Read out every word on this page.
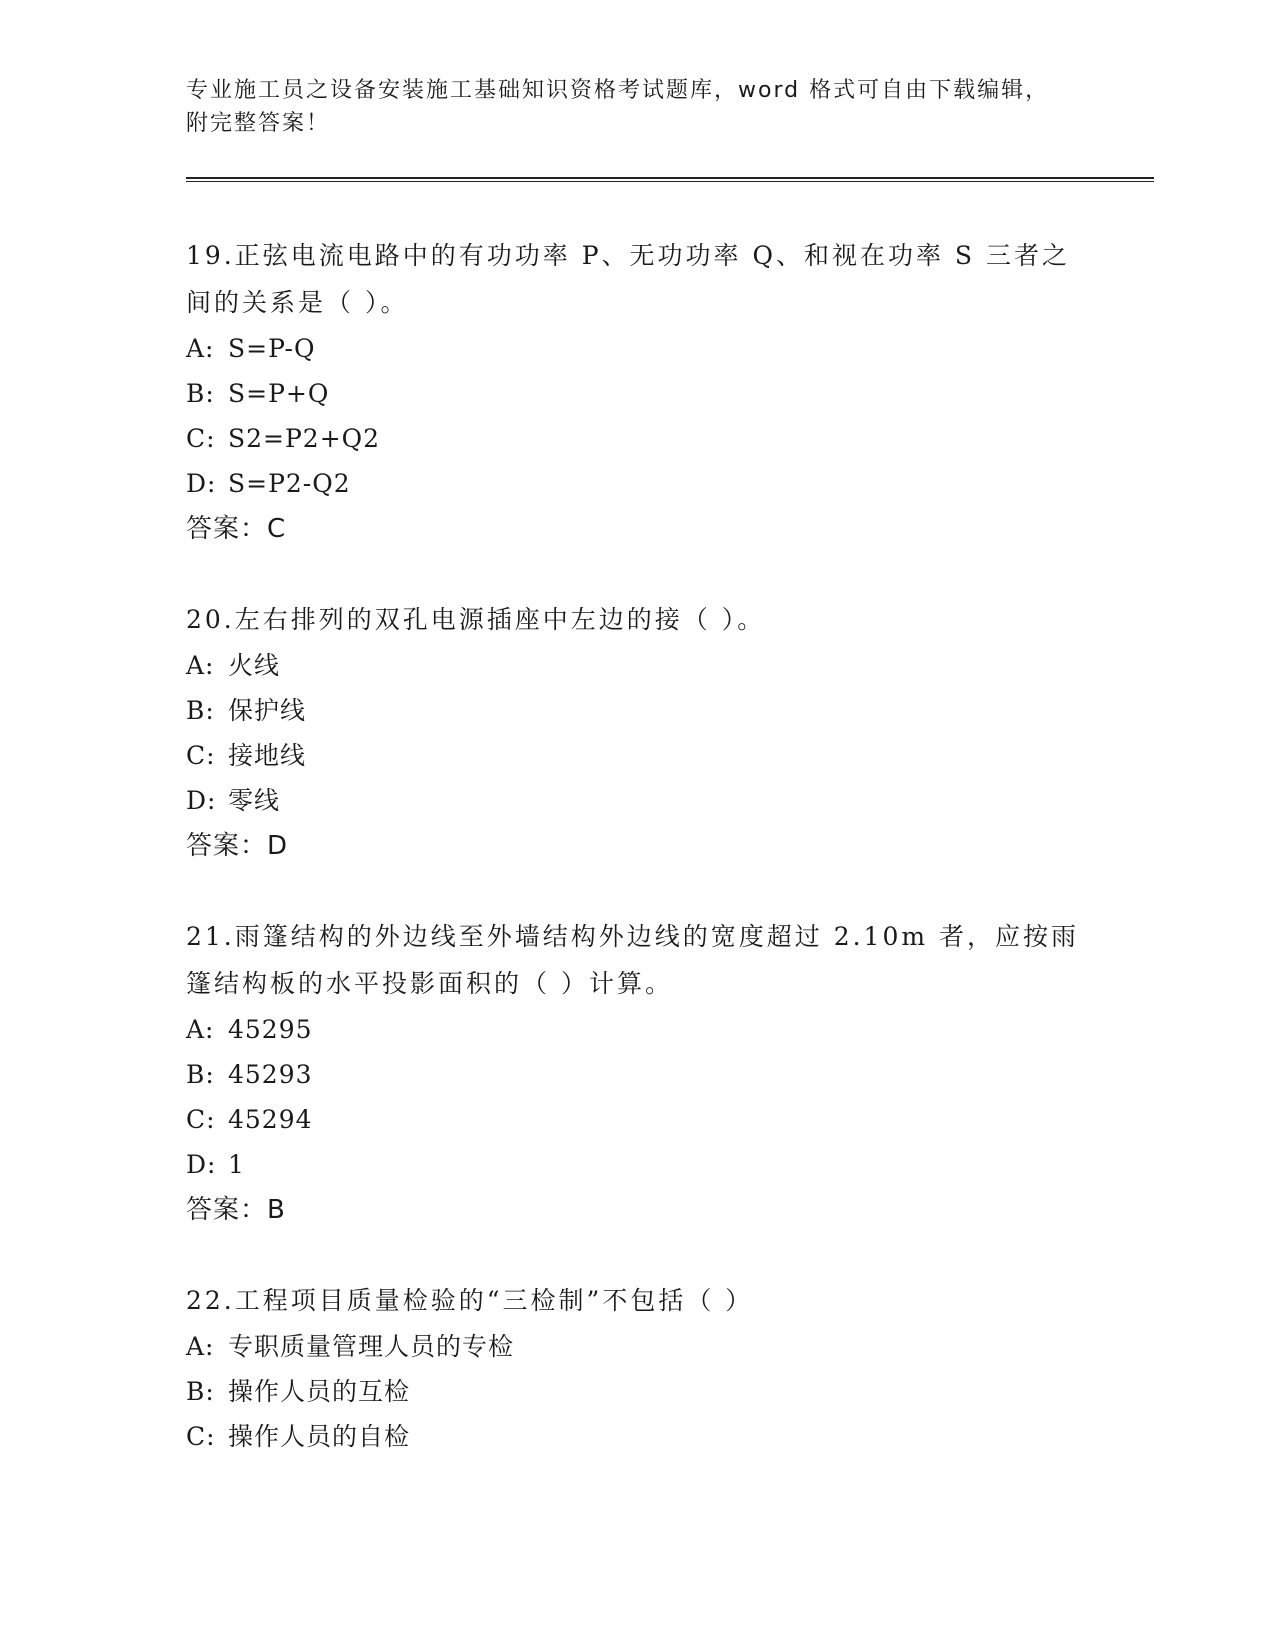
专业施工员之设备安装施工基础知识资格考试题库，word 格式可自由下载编辑，
附完整答案！

19.正弦电流电路中的有功功率 P、无功功率 Q、和视在功率 S 三者之
间的关系是（ ）。

A: S=P-Q

B: S=P+Q

C: S2=P2+Q2

D: S=P2-Q2

答案：C

20.左右排列的双孔电源插座中左边的接（ ）。

A: 火线

B: 保护线

C: 接地线

D: 零线

答案：D

21.雨篷结构的外边线至外墙结构外边线的宽度超过 2.10m 者，应按雨
篷结构板的水平投影面积的（ ）计算。

A: 45295

B: 45293

C: 45294

D: 1

答案：B

22.工程项目质量检验的“三检制”不包括（ ）

A: 专职质量管理人员的专检

B: 操作人员的互检

C: 操作人员的自检
